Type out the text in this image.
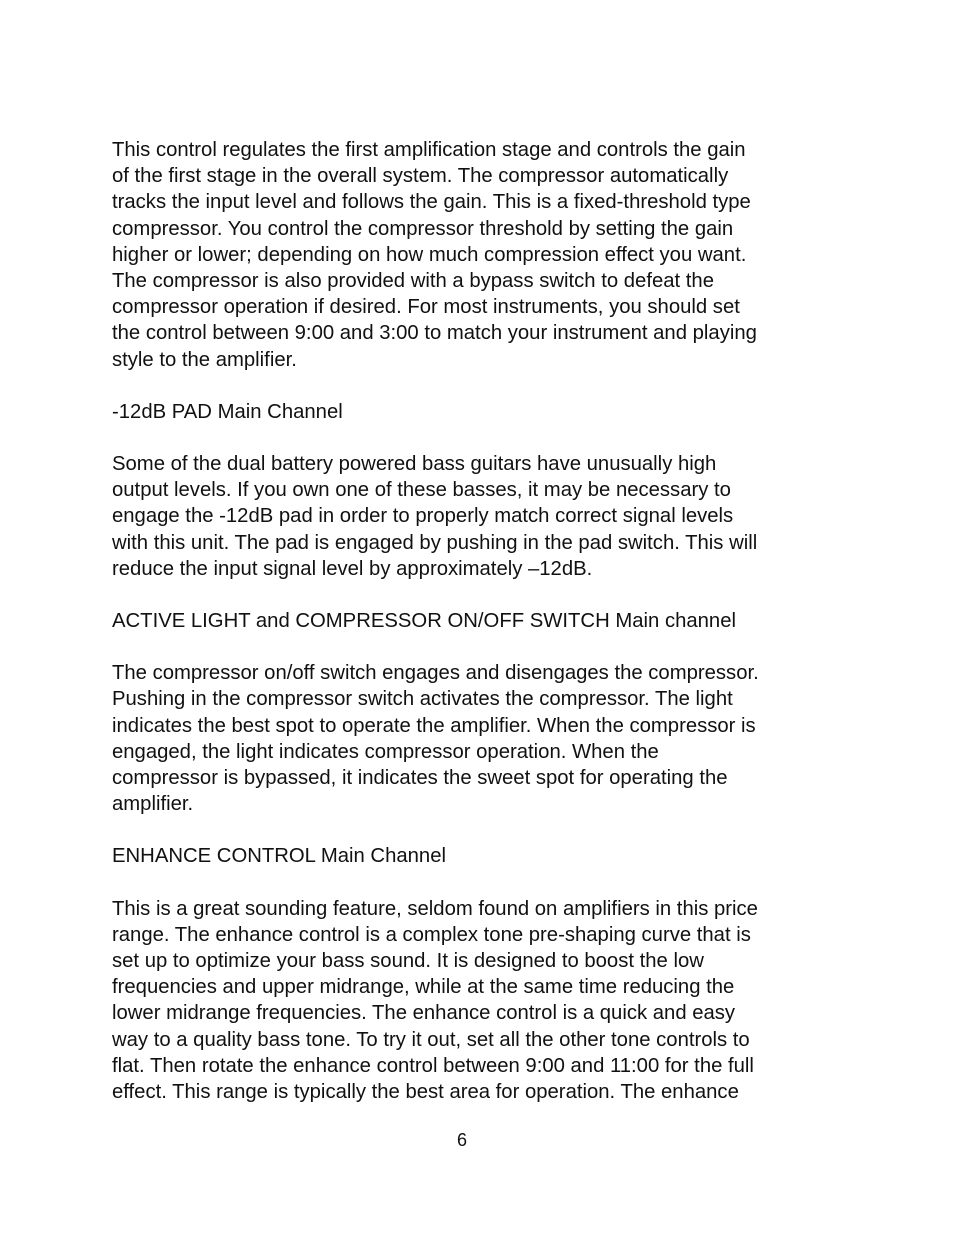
This control regulates the first amplification stage and controls the gain
of the first stage in the overall system. The compressor automatically
tracks the input level and follows the gain. This is a fixed-threshold type
compressor. You control the compressor threshold by setting the gain
higher or lower; depending on how much compression effect you want.
The compressor is also provided with a bypass switch to defeat the
compressor operation if desired. For most instruments, you should set
the control between 9:00 and 3:00 to match your instrument and playing
style to the amplifier.

-12dB PAD Main Channel

Some of the dual battery powered bass guitars have unusually high
output levels. If you own one of these basses, it may be necessary to
engage the -12dB pad in order to properly match correct signal levels
with this unit. The pad is engaged by pushing in the pad switch. This will
reduce the input signal level by approximately –12dB.

ACTIVE LIGHT and COMPRESSOR ON/OFF SWITCH Main channel

The compressor on/off switch engages and disengages the compressor.
Pushing in the compressor switch activates the compressor. The light
indicates the best spot to operate the amplifier. When the compressor is
engaged, the light indicates compressor operation. When the
compressor is bypassed, it indicates the sweet spot for operating the
amplifier.

ENHANCE CONTROL Main Channel

This is a great sounding feature, seldom found on amplifiers in this price
range. The enhance control is a complex tone pre-shaping curve that is
set up to optimize your bass sound. It is designed to boost the low
frequencies and upper midrange, while at the same time reducing the
lower midrange frequencies. The enhance control is a quick and easy
way to a quality bass tone. To try it out, set all the other tone controls to
flat. Then rotate the enhance control between 9:00 and 11:00 for the full
effect. This range is typically the best area for operation. The enhance

6
